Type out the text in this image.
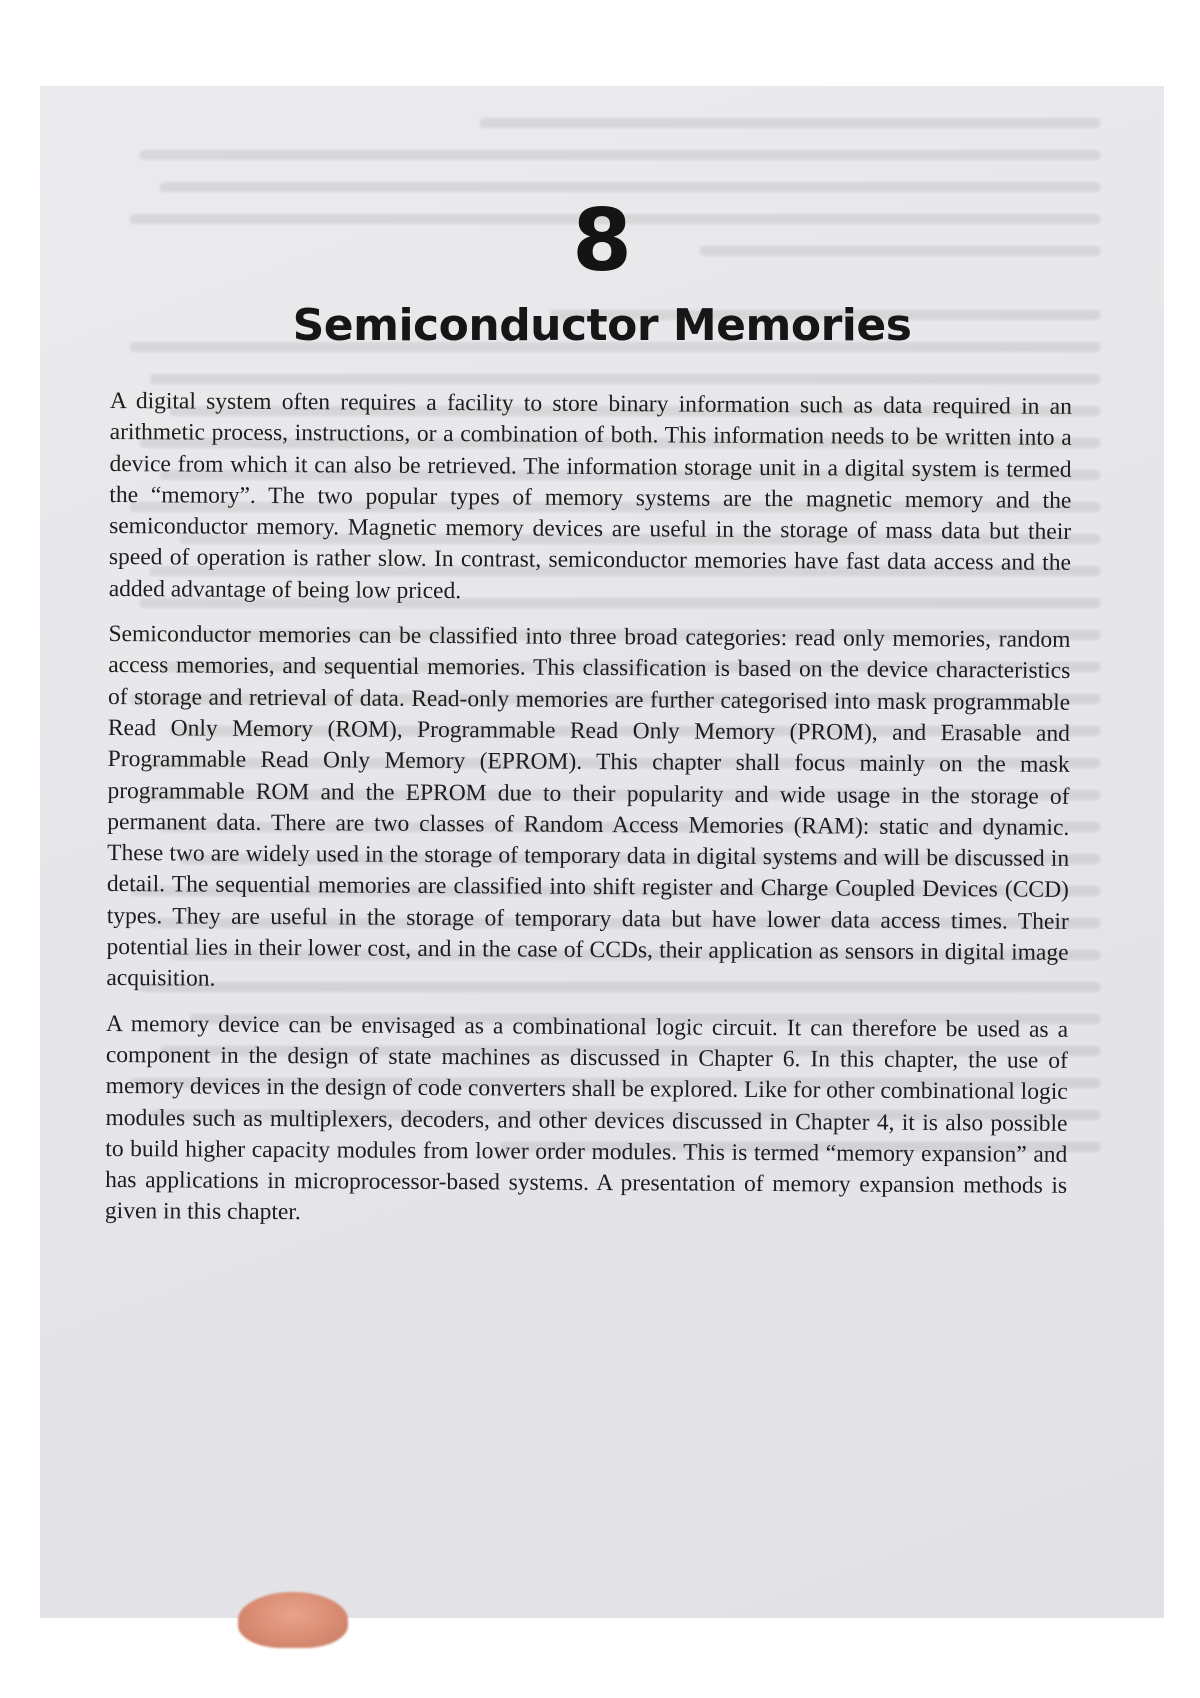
8
Semiconductor Memories

A digital system often requires a facility to store binary information such as data required in an arithmetic process, instructions, or a combination of both. This information needs to be written into a device from which it can also be retrieved. The information storage unit in a digital system is termed the “memory”. The two popular types of memory systems are the magnetic memory and the semiconductor memory. Magnetic memory devices are useful in the storage of mass data but their speed of operation is rather slow. In contrast, semiconductor memories have fast data access and the added advantage of being low priced.

Semiconductor memories can be classified into three broad categories: read only memories, random access memories, and sequential memories. This classification is based on the device characteristics of storage and retrieval of data. Read-only memories are further categorised into mask programmable Read Only Memory (ROM), Programmable Read Only Memory (PROM), and Erasable and Programmable Read Only Memory (EPROM). This chapter shall focus mainly on the mask programmable ROM and the EPROM due to their popularity and wide usage in the storage of permanent data. There are two classes of Random Access Memories (RAM): static and dynamic. These two are widely used in the storage of temporary data in digital systems and will be discussed in detail. The sequential memories are classified into shift register and Charge Coupled Devices (CCD) types. They are useful in the storage of temporary data but have lower data access times. Their potential lies in their lower cost, and in the case of CCDs, their application as sensors in digital image acquisition.

A memory device can be envisaged as a combinational logic circuit. It can therefore be used as a component in the design of state machines as discussed in Chapter 6. In this chapter, the use of memory devices in the design of code converters shall be explored. Like for other combinational logic modules such as multiplexers, decoders, and other devices discussed in Chapter 4, it is also possible to build higher capacity modules from lower order modules. This is termed “memory expansion” and has applications in microprocessor-based systems. A presentation of memory expansion methods is given in this chapter.
